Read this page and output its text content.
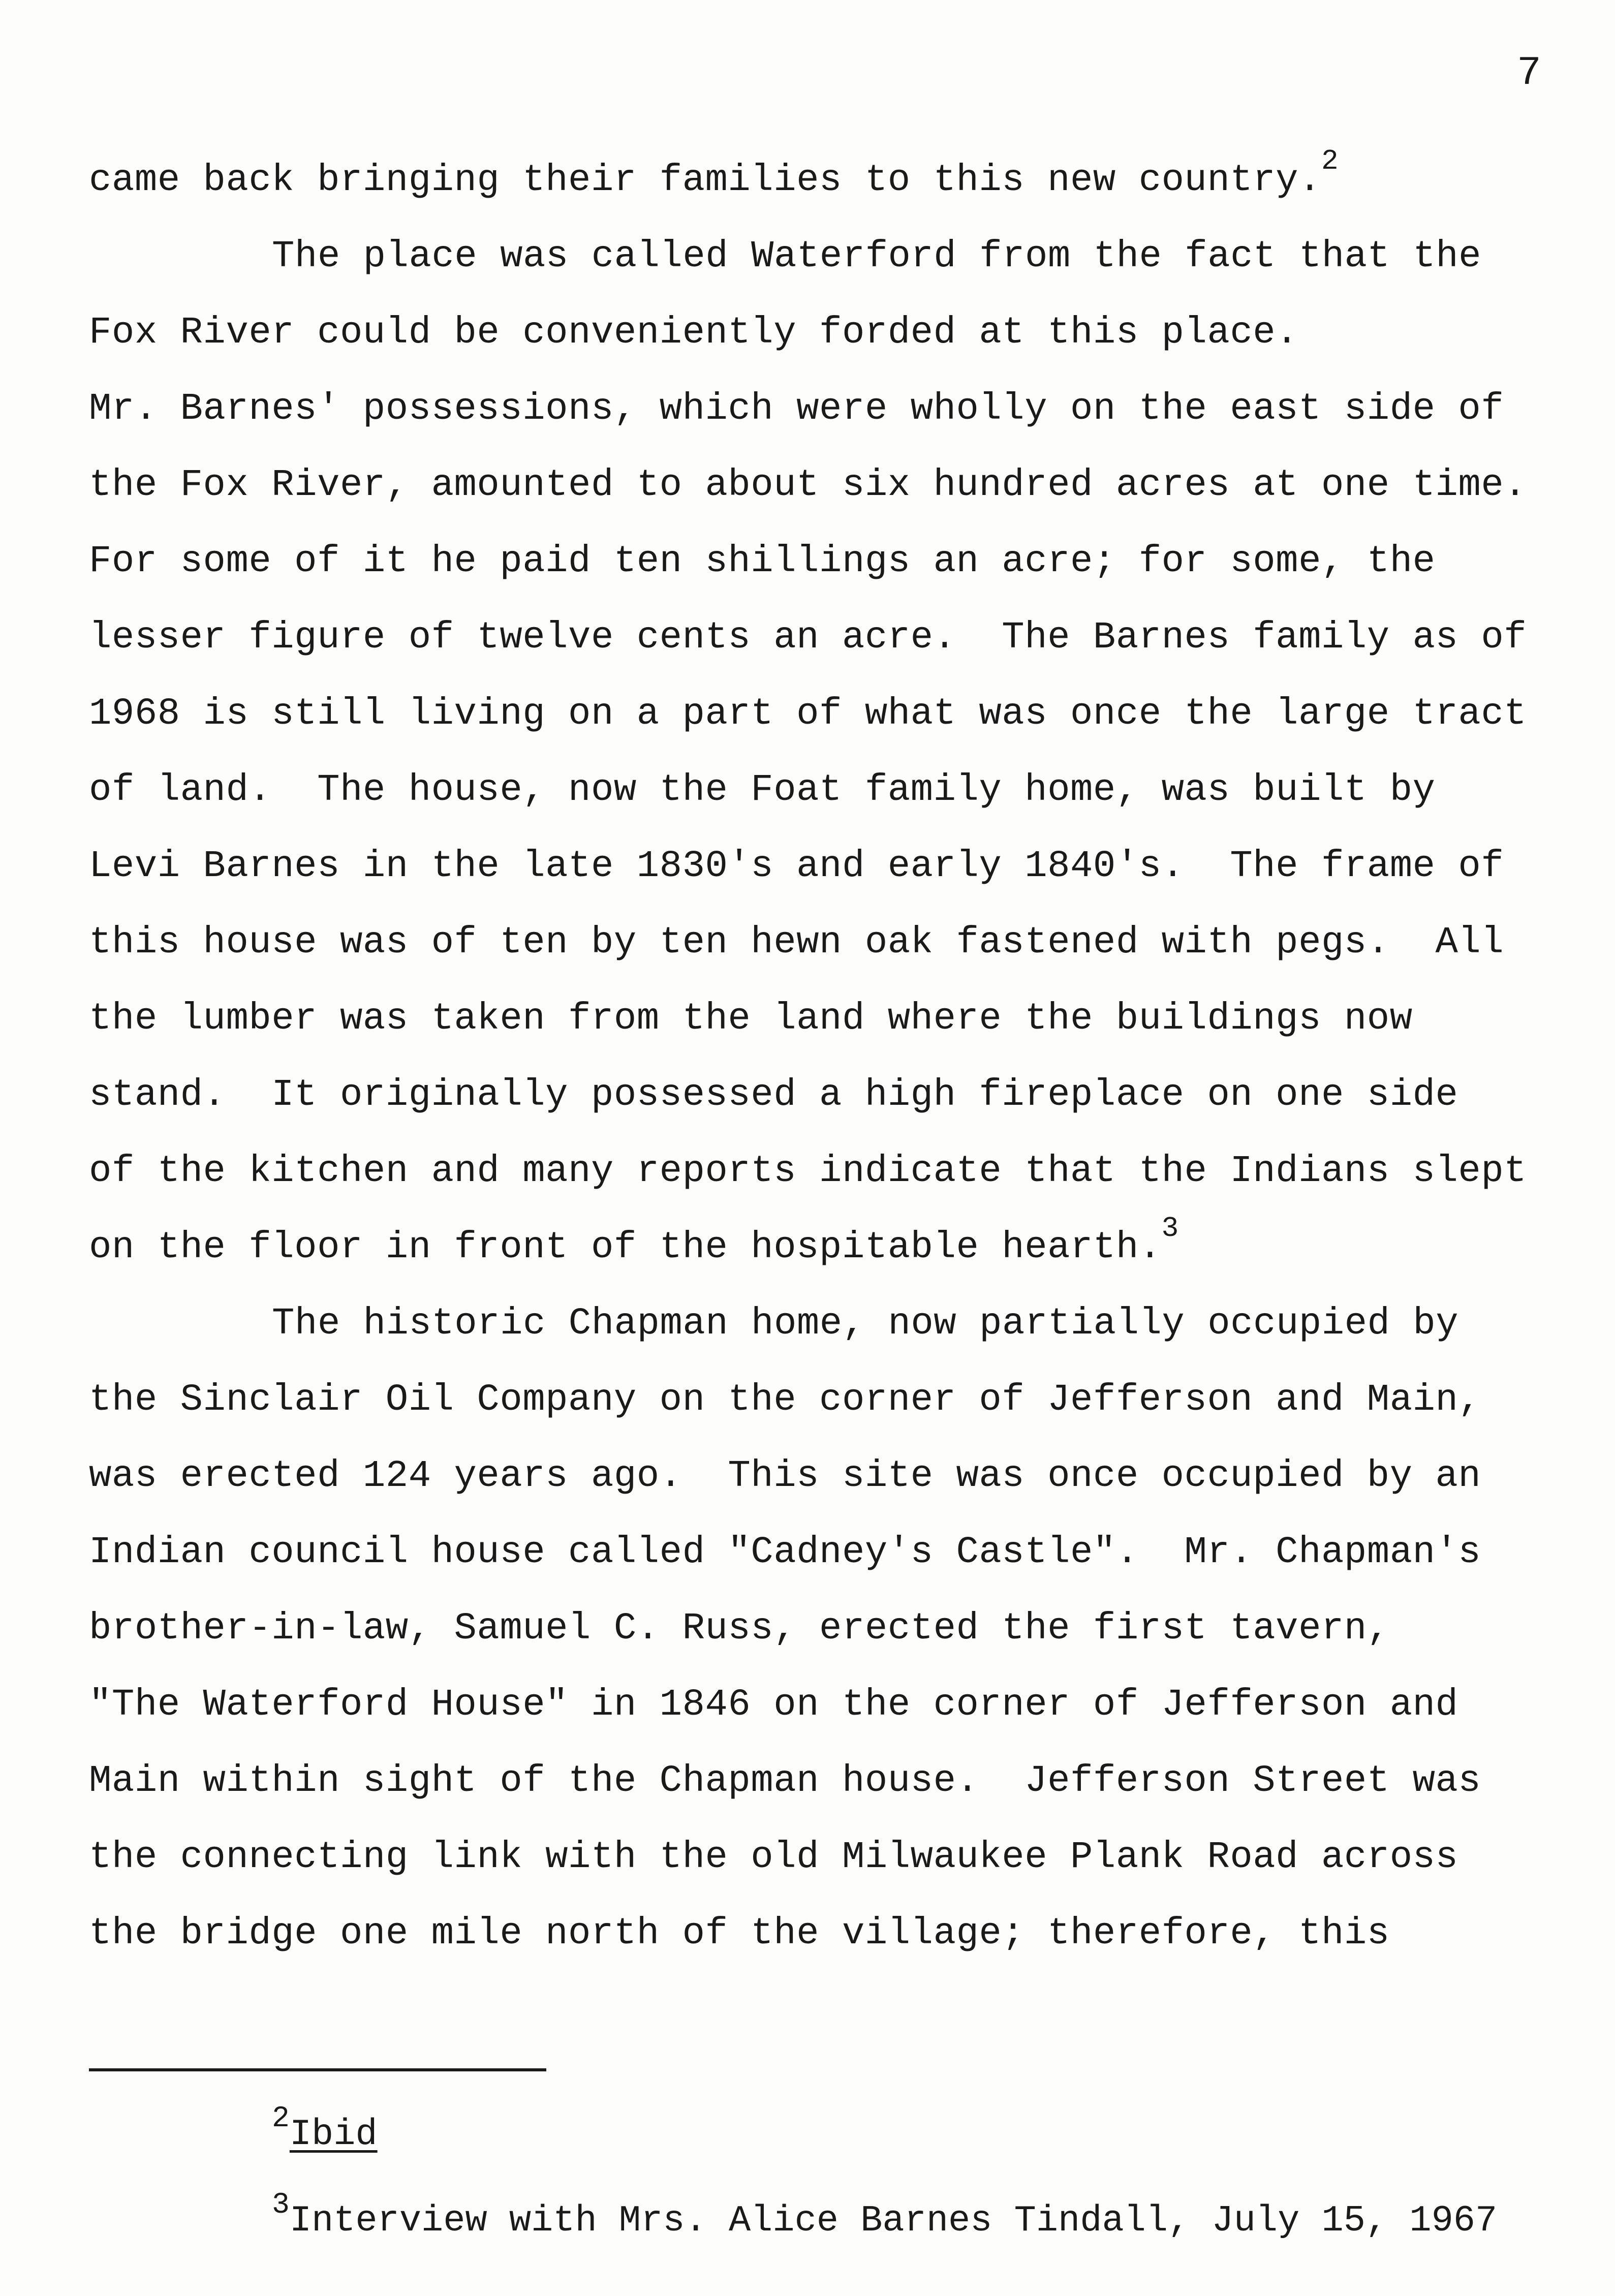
7
came back bringing their families to this new country.$^2$
The place was called Waterford from the fact that the
Fox River could be conveniently forded at this place.
Mr. Barnes' possessions, which were wholly on the east side of
the Fox River, amounted to about six hundred acres at one time.
For some of it he paid ten shillings an acre; for some, the
lesser figure of twelve cents an acre.  The Barnes family as of
1968 is still living on a part of what was once the large tract
of land.  The house, now the Foat family home, was built by
Levi Barnes in the late 1830's and early 1840's.  The frame of
this house was of ten by ten hewn oak fastened with pegs.  All
the lumber was taken from the land where the buildings now
stand.  It originally possessed a high fireplace on one side
of the kitchen and many reports indicate that the Indians slept
on the floor in front of the hospitable hearth.$^3$
The historic Chapman home, now partially occupied by
the Sinclair Oil Company on the corner of Jefferson and Main,
was erected 124 years ago.  This site was once occupied by an
Indian council house called "Cadney's Castle".  Mr. Chapman's
brother-in-law, Samuel C. Russ, erected the first tavern,
"The Waterford House" in 1846 on the corner of Jefferson and
Main within sight of the Chapman house.  Jefferson Street was
the connecting link with the old Milwaukee Plank Road across
the bridge one mile north of the village; therefore, this
$^2$Ibid
$^3$Interview with Mrs. Alice Barnes Tindall, July 15, 1967
